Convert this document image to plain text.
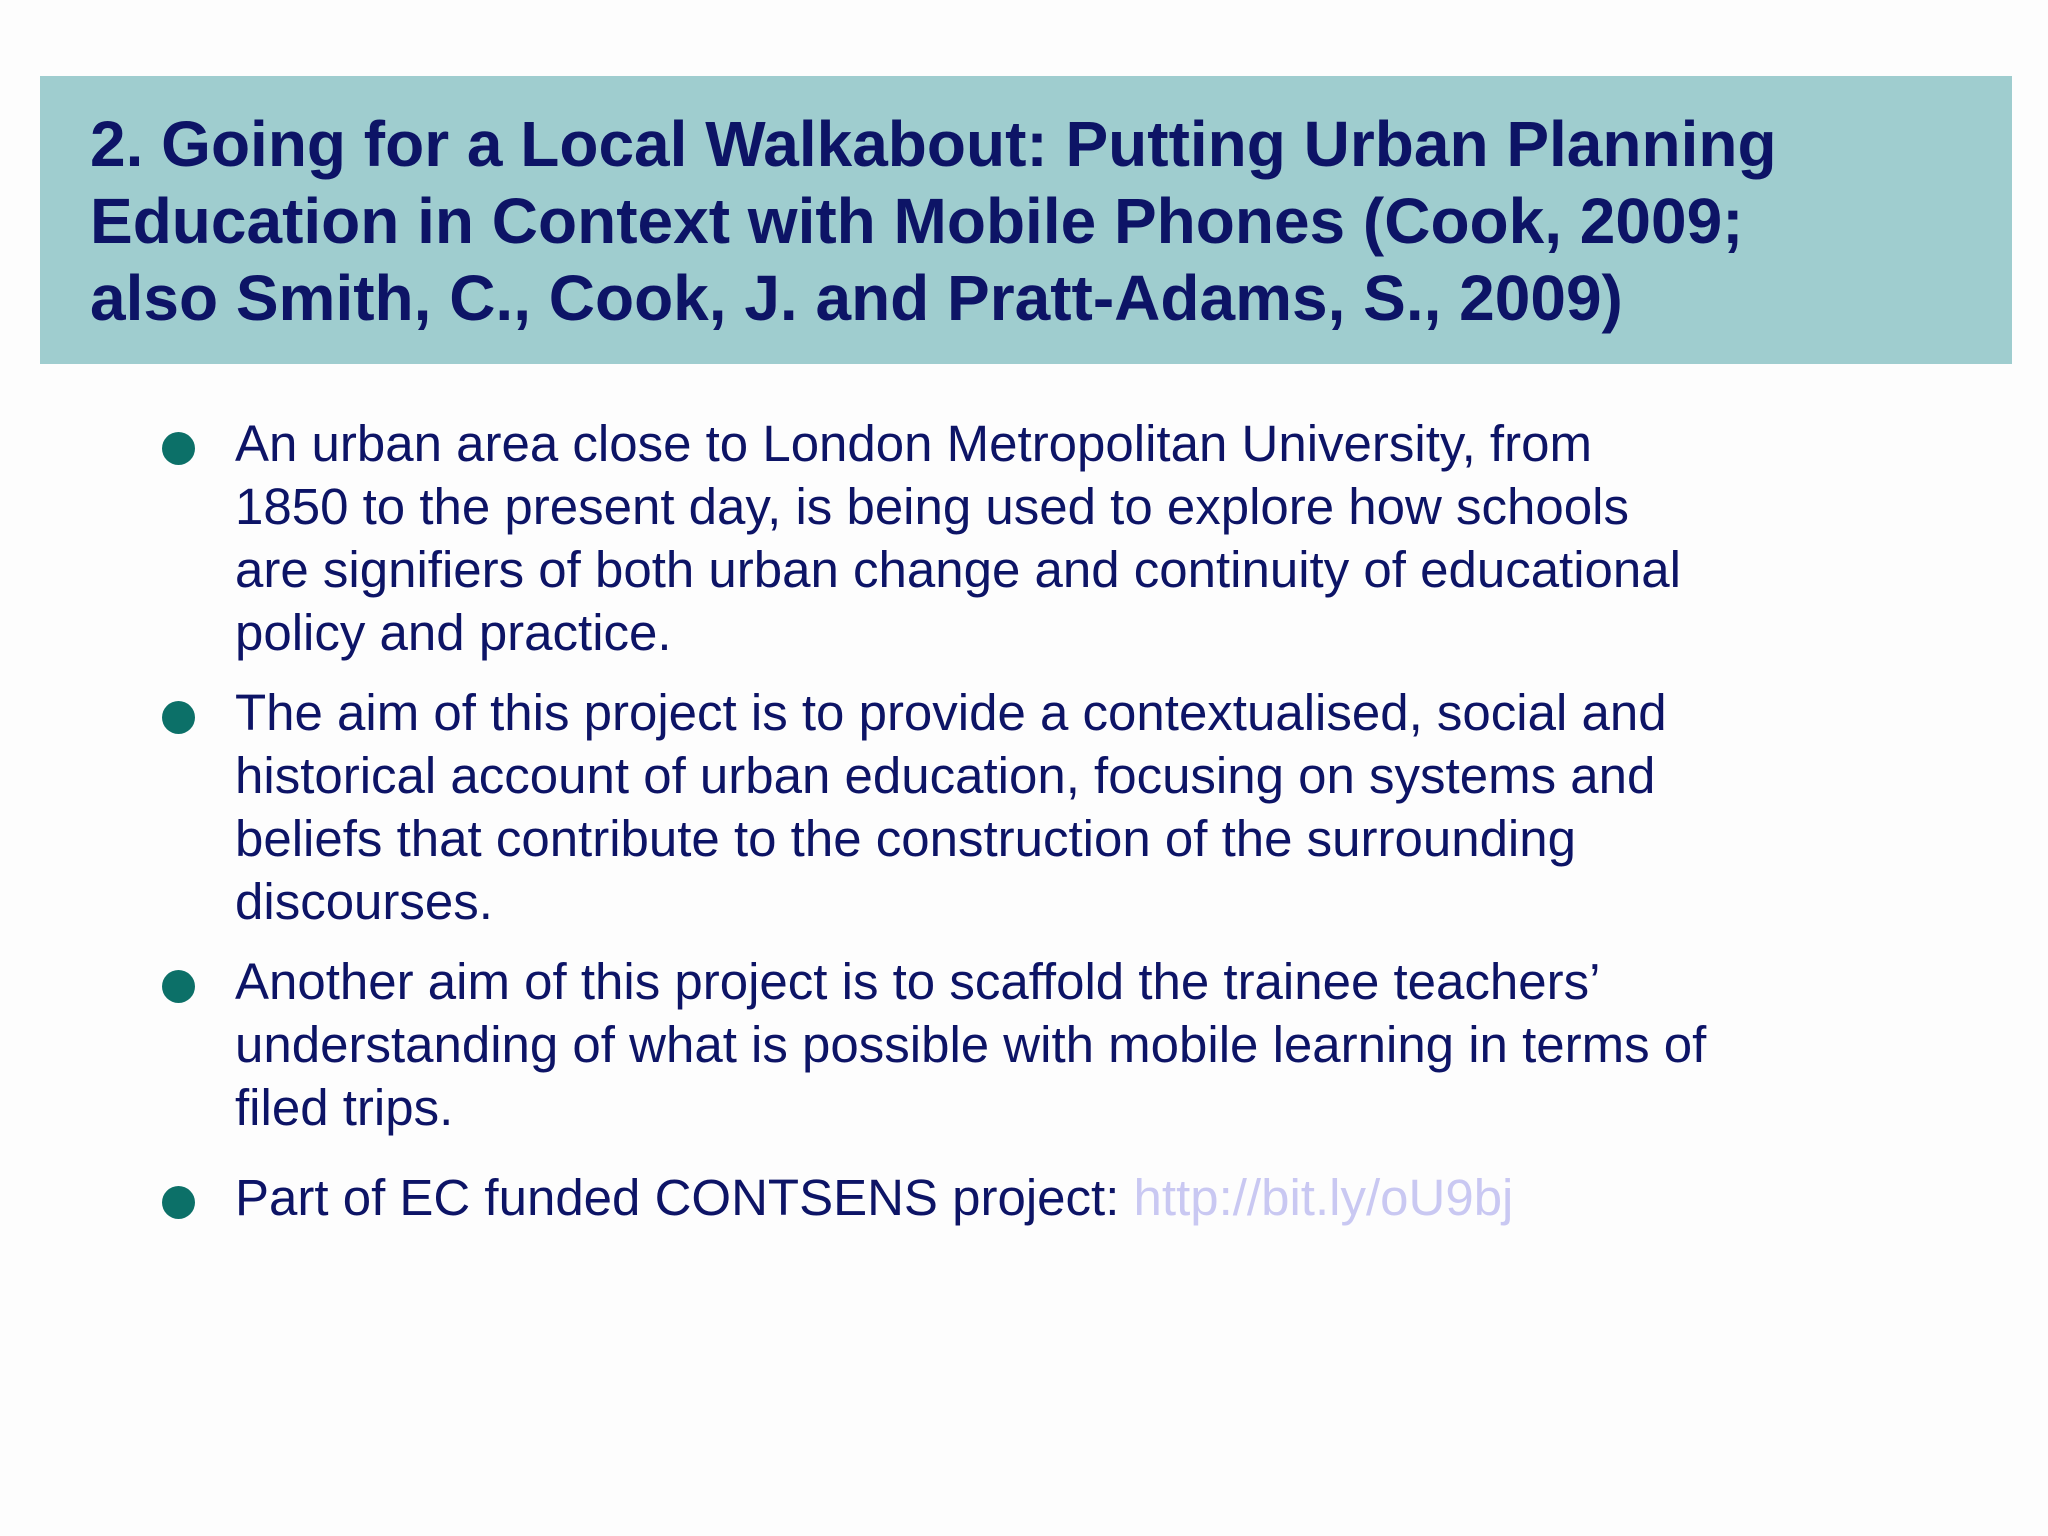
2. Going for a Local Walkabout: Putting Urban Planning
Education in Context with Mobile Phones (Cook, 2009;
also Smith, C., Cook, J. and Pratt-Adams, S., 2009)
An urban area close to London Metropolitan University, from
1850 to the present day, is being used to explore how schools
are signifiers of both urban change and continuity of educational
policy and practice.
The aim of this project is to provide a contextualised, social and
historical account of urban education, focusing on systems and
beliefs that contribute to the construction of the surrounding
discourses.
Another aim of this project is to scaffold the trainee teachers’
understanding of what is possible with mobile learning in terms of
filed trips.
Part of EC funded CONTSENS project: http://bit.ly/oU9bj
